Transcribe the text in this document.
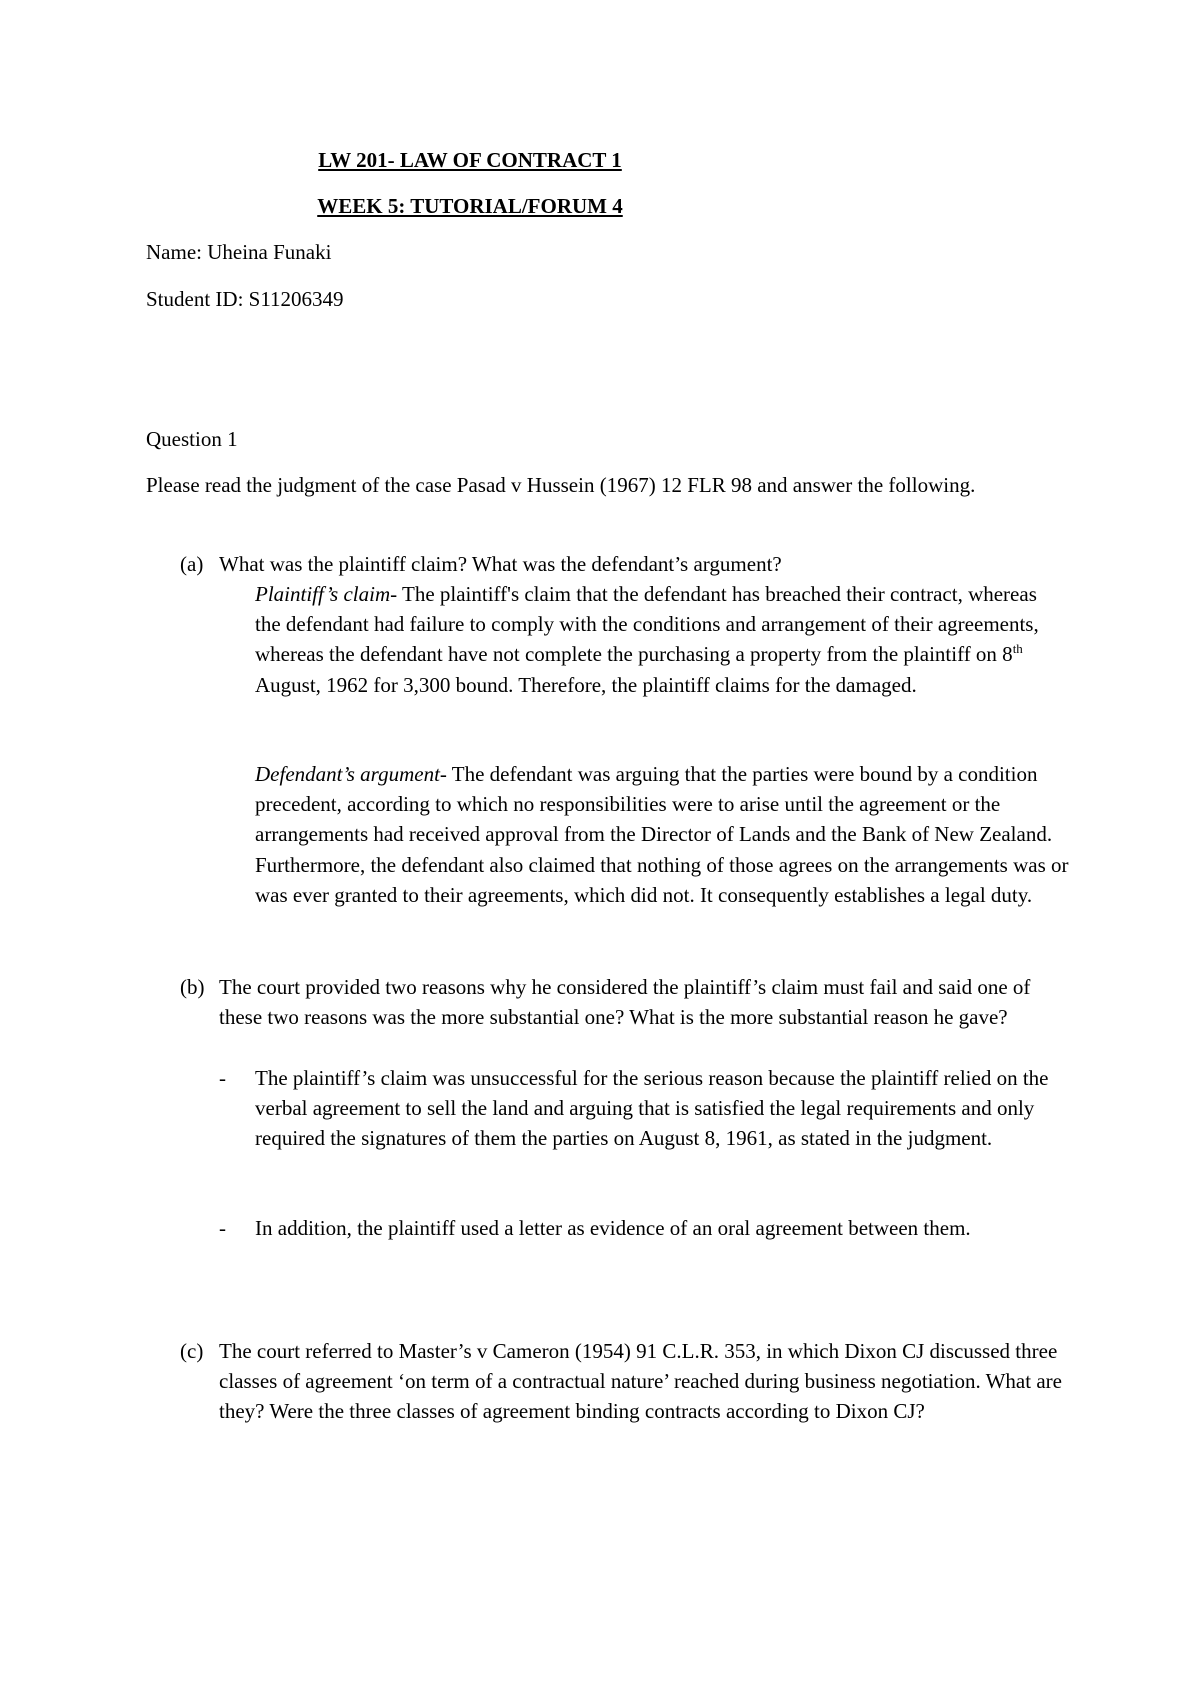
LW 201- LAW OF CONTRACT 1
WEEK 5: TUTORIAL/FORUM 4
Name: Uheina Funaki
Student ID: S11206349
Question 1
Please read the judgment of the case Pasad v Hussein (1967) 12 FLR 98 and answer the following.
(a) What was the plaintiff claim? What was the defendant’s argument?
Plaintiff’s claim- The plaintiff's claim that the defendant has breached their contract, whereas the defendant had failure to comply with the conditions and arrangement of their agreements, whereas the defendant have not complete the purchasing a property from the plaintiff on 8th August, 1962 for 3,300 bound. Therefore, the plaintiff claims for the damaged.
Defendant’s argument- The defendant was arguing that the parties were bound by a condition precedent, according to which no responsibilities were to arise until the agreement or the arrangements had received approval from the Director of Lands and the Bank of New Zealand. Furthermore, the defendant also claimed that nothing of those agrees on the arrangements was or was ever granted to their agreements, which did not. It consequently establishes a legal duty.
(b) The court provided two reasons why he considered the plaintiff’s claim must fail and said one of these two reasons was the more substantial one? What is the more substantial reason he gave?
- The plaintiff’s claim was unsuccessful for the serious reason because the plaintiff relied on the verbal agreement to sell the land and arguing that is satisfied the legal requirements and only required the signatures of them the parties on August 8, 1961, as stated in the judgment.
- In addition, the plaintiff used a letter as evidence of an oral agreement between them.
(c) The court referred to Master’s v Cameron (1954) 91 C.L.R. 353, in which Dixon CJ discussed three classes of agreement ‘on term of a contractual nature’ reached during business negotiation. What are they? Were the three classes of agreement binding contracts according to Dixon CJ?
